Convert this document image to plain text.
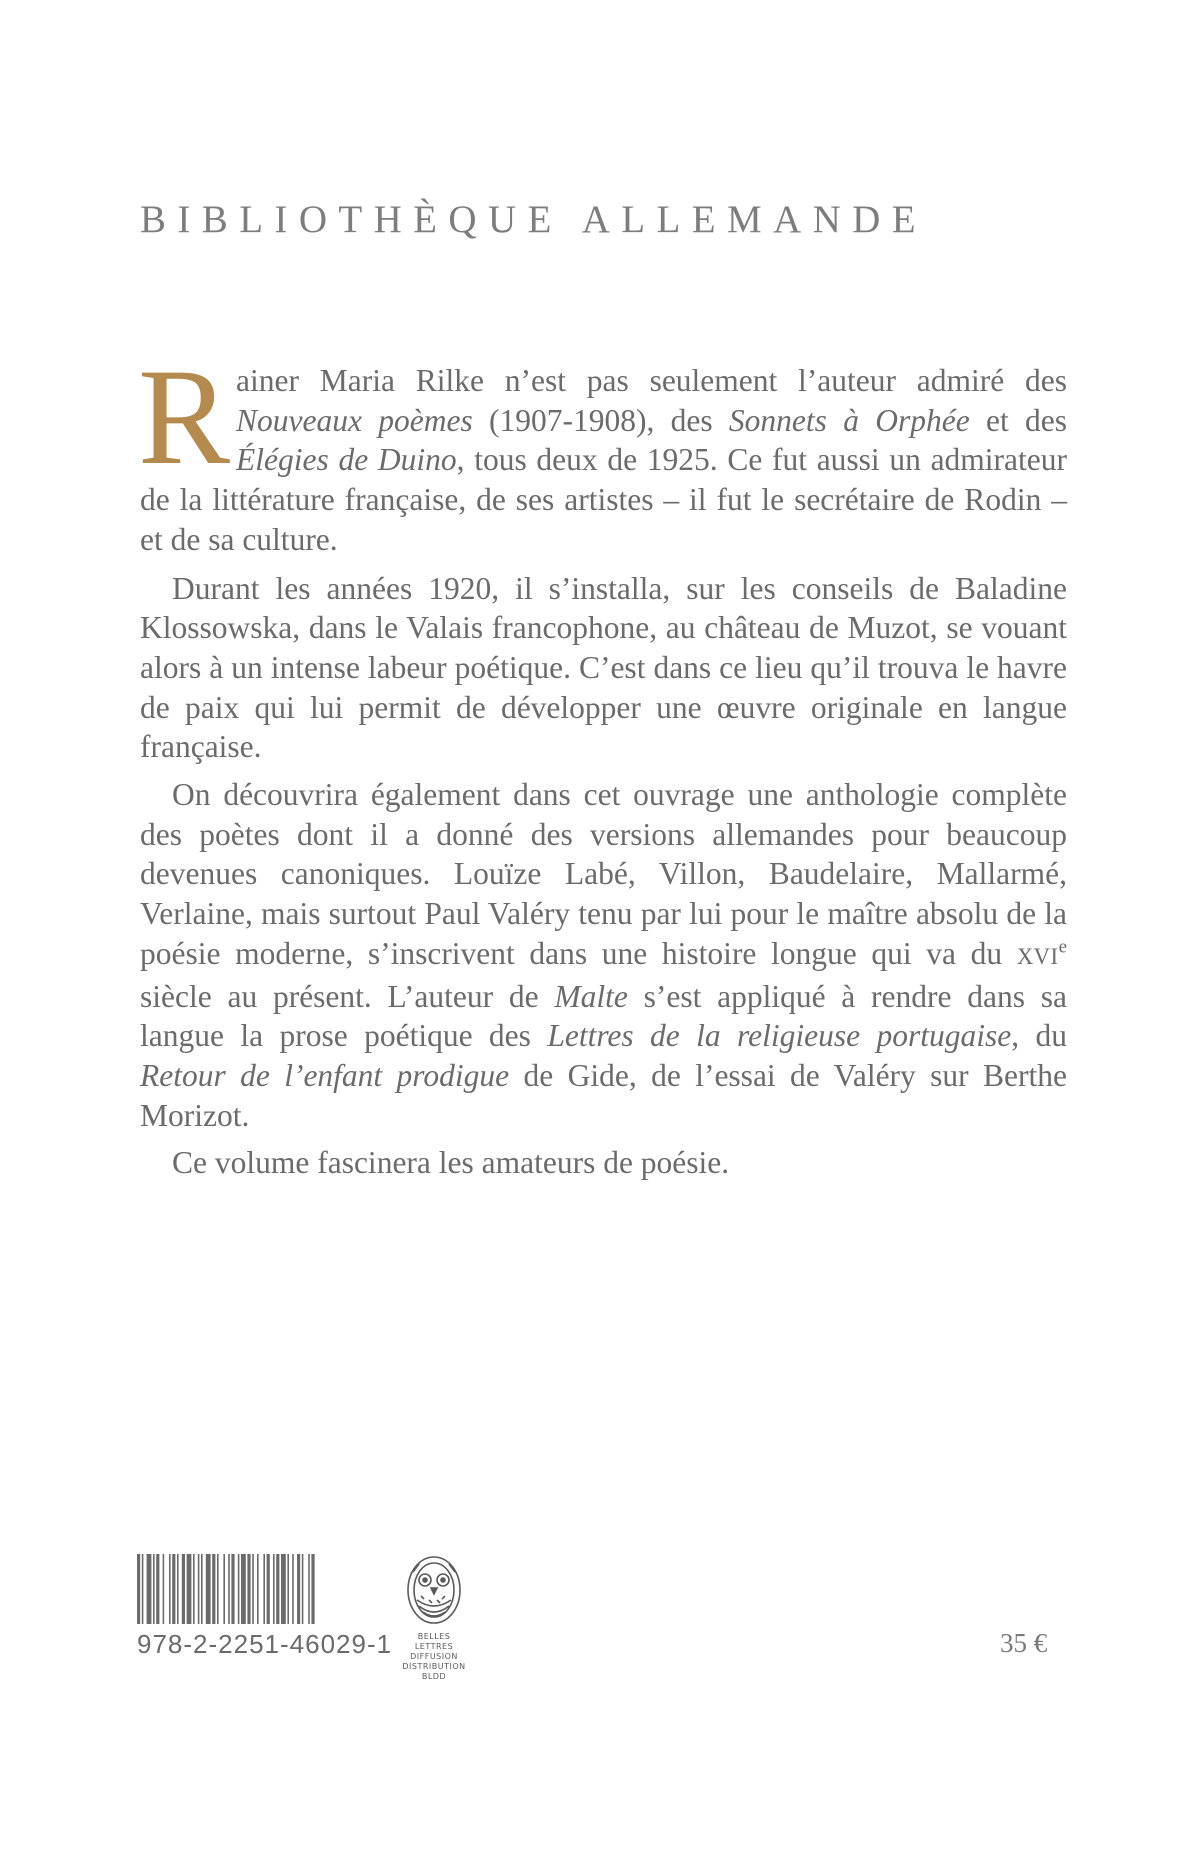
BIBLIOTHÈQUE ALLEMANDE

Rainer Maria Rilke n’est pas seulement l’auteur admiré des Nouveaux poèmes (1907-1908), des Sonnets à Orphée et des Élégies de Duino, tous deux de 1925. Ce fut aussi un admirateur de la littérature française, de ses artistes – il fut le secrétaire de Rodin – et de sa culture.

Durant les années 1920, il s’installa, sur les conseils de Baladine Klossowska, dans le Valais francophone, au château de Muzot, se vouant alors à un intense labeur poétique. C’est dans ce lieu qu’il trouva le havre de paix qui lui permit de développer une œuvre originale en langue française.

On découvrira également dans cet ouvrage une anthologie complète des poètes dont il a donné des versions allemandes pour beaucoup devenues canoniques. Louïze Labé, Villon, Baudelaire, Mallarmé, Verlaine, mais surtout Paul Valéry tenu par lui pour le maître absolu de la poésie moderne, s’inscrivent dans une histoire longue qui va du XVIe siècle au présent. L’auteur de Malte s’est appliqué à rendre dans sa langue la prose poétique des Lettres de la religieuse portugaise, du Retour de l’enfant prodigue de Gide, de l’essai de Valéry sur Berthe Morizot.

Ce volume fascinera les amateurs de poésie.

978-2-2251-46029-1	BELLES LETTRES
DIFFUSION
DISTRIBUTION
BLDD
35 €
